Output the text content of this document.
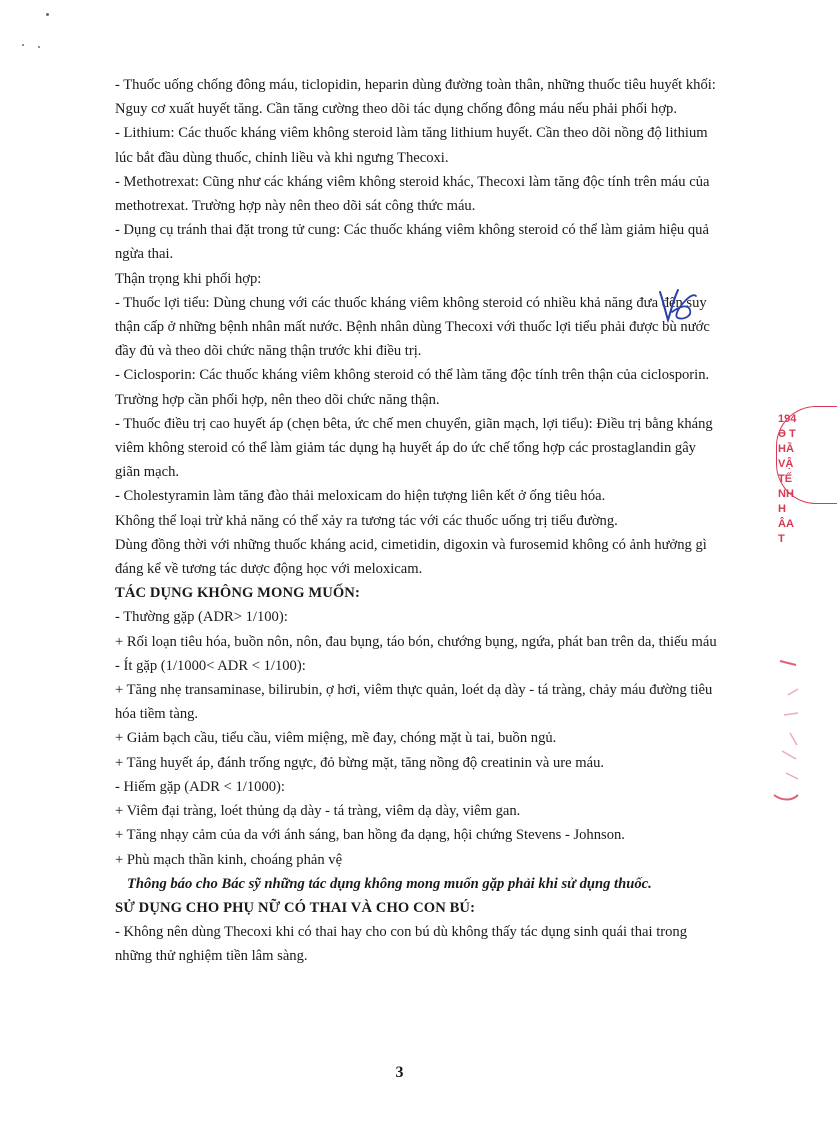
- Thuốc uống chống đông máu, ticlopidin, heparin dùng đường toàn thân, những thuốc tiêu huyết khối: Nguy cơ xuất huyết tăng. Cần tăng cường theo dõi tác dụng chống đông máu nếu phải phối hợp.

- Lithium: Các thuốc kháng viêm không steroid làm tăng lithium huyết. Cần theo dõi nồng độ lithium lúc bắt đầu dùng thuốc, chỉnh liều và khi ngưng Thecoxi.

- Methotrexat: Cũng như các kháng viêm không steroid khác, Thecoxi làm tăng độc tính trên máu của methotrexat. Trường hợp này nên theo dõi sát công thức máu.

- Dụng cụ tránh thai đặt trong tử cung: Các thuốc kháng viêm không steroid có thể làm giảm hiệu quả ngừa thai.

Thận trọng khi phối hợp:

- Thuốc lợi tiểu: Dùng chung với các thuốc kháng viêm không steroid có nhiều khả năng đưa đến suy thận cấp ở những bệnh nhân mất nước. Bệnh nhân dùng Thecoxi với thuốc lợi tiểu phải được bù nước đầy đủ và theo dõi chức năng thận trước khi điều trị.

- Ciclosporin: Các thuốc kháng viêm không steroid có thể làm tăng độc tính trên thận của ciclosporin. Trường hợp cần phối hợp, nên theo dõi chức năng thận.

- Thuốc điều trị cao huyết áp (chẹn bêta, ức chế men chuyển, giãn mạch, lợi tiểu): Điều trị bằng kháng viêm không steroid có thể làm giảm tác dụng hạ huyết áp do ức chế tổng hợp các prostaglandin gây giãn mạch.

- Cholestyramin làm tăng đào thải meloxicam do hiện tượng liên kết ở ống tiêu hóa.

Không thể loại trừ khả năng có thể xảy ra tương tác với các thuốc uống trị tiểu đường.

Dùng đồng thời với những thuốc kháng acid, cimetidin, digoxin và furosemid không có ảnh hưởng gì đáng kể về tương tác dược động học với meloxicam.

TÁC DỤNG KHÔNG MONG MUỐN:

- Thường gặp (ADR> 1/100):

+ Rối loạn tiêu hóa, buồn nôn, nôn, đau bụng, táo bón, chướng bụng, ngứa, phát ban trên da, thiếu máu

- Ít gặp (1/1000< ADR < 1/100):

+ Tăng nhẹ transaminase, bilirubin, ợ hơi, viêm thực quản, loét dạ dày - tá tràng, chảy máu đường tiêu hóa tiềm tàng.

+ Giảm bạch cầu, tiểu cầu, viêm miệng, mề đay, chóng mặt ù tai, buồn ngủ.

+ Tăng huyết áp, đánh trống ngực, đỏ bừng mặt, tăng nồng độ creatinin và ure máu.

- Hiếm gặp (ADR < 1/1000):

+ Viêm đại tràng, loét thủng dạ dày - tá tràng, viêm dạ dày, viêm gan.

+ Tăng nhạy cảm của da với ánh sáng, ban hồng đa dạng, hội chứng Stevens - Johnson.

+ Phù mạch thần kinh, choáng phản vệ

Thông báo cho Bác sỹ những tác dụng không mong muốn gặp phải khi sử dụng thuốc.

SỬ DỤNG CHO PHỤ NỮ CÓ THAI VÀ CHO CON BÚ:

- Không nên dùng Thecoxi khi có thai hay cho con bú dù không thấy tác dụng sinh quái thai trong những thử nghiệm tiền lâm sàng.

194
Ə T
HẦ
VẬ
TẾ
NH H
ÂA T
3
